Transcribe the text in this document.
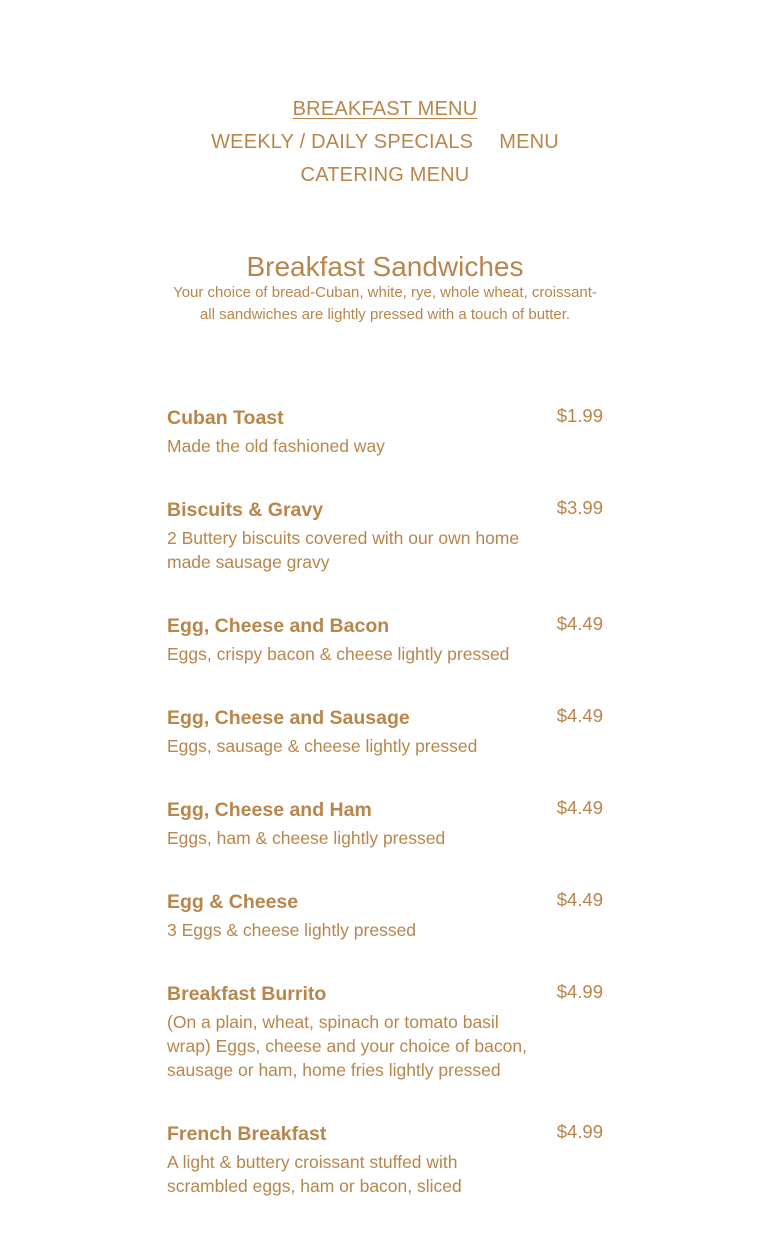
BREAKFAST MENU
WEEKLY / DAILY SPECIALS MENU
CATERING MENU
Breakfast Sandwiches

Your choice of bread-Cuban, white, rye, whole wheat, croissant-all sandwiches are lightly pressed with a touch of butter.

Cuban Toast	$1.99

Made the old fashioned way

Biscuits & Gravy	$3.99

2 Buttery biscuits covered with our own home made sausage gravy

Egg, Cheese and Bacon	$4.49

Eggs, crispy bacon & cheese lightly pressed

Egg, Cheese and Sausage	$4.49

Eggs, sausage & cheese lightly pressed

Egg, Cheese and Ham	$4.49

Eggs, ham & cheese lightly pressed

Egg & Cheese	$4.49

3 Eggs & cheese lightly pressed

Breakfast Burrito	$4.99

(On a plain, wheat, spinach or tomato basil wrap) Eggs, cheese and your choice of bacon, sausage or ham, home fries lightly pressed

French Breakfast	$4.99

A light & buttery croissant stuffed with scrambled eggs, ham or bacon, sliced
